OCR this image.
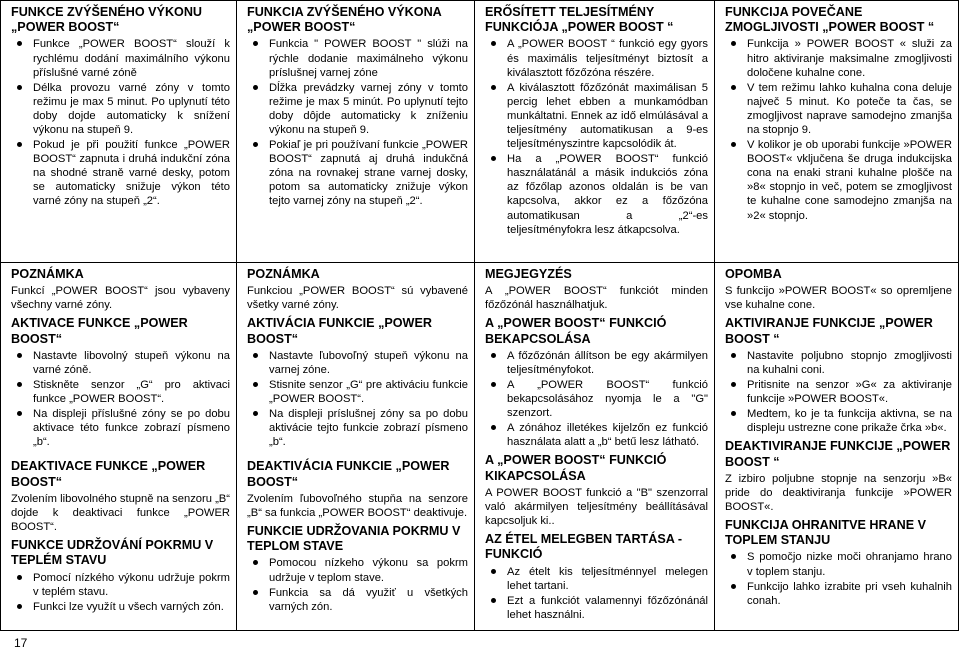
FUNKCE ZVÝŠENÉHO VÝKONU „POWER BOOST“
Funkce „POWER BOOST“ slouží k rychlému dodání maximálního výkonu příslušné varné zóně
Délka provozu varné zóny v tomto režimu je max 5 minut. Po uplynutí této doby dojde automaticky k snížení výkonu na stupeň 9.
Pokud je při použití funkce „POWER BOOST“ zapnuta i druhá indukční zóna na shodné straně varné desky, potom se automaticky snižuje výkon této varné zóny na stupeň „2“.
FUNKCIA ZVÝŠENÉHO VÝKONA „POWER BOOST“
Funkcia " POWER BOOST " slúži na rýchle dodanie maximálneho výkonu príslušnej varnej zóne
Dĺžka prevádzky varnej zóny v tomto režime je max 5 minút. Po uplynutí tejto doby dôjde automaticky k zníženiu výkonu na stupeň 9.
Pokiaľ je pri používaní funkcie „POWER BOOST“ zapnutá aj druhá indukčná zóna na rovnakej strane varnej dosky, potom sa automaticky znižuje výkon tejto varnej zóny na stupeň „2“.
ERŐSÍTETT TELJESÍTMÉNY FUNKCIÓJA „POWER BOOST “
A „POWER BOOST “ funkció egy gyors és maximális teljesítményt biztosít a kiválasztott főzőzóna részére.
A kiválasztott főzőzónát maximálisan 5 percig lehet ebben a munkamódban munkáltatni. Ennek az idő elmúlásával a teljesítmény automatikusan a 9-es teljesítményszintre kapcsolódik át.
Ha a „POWER BOOST“ funkció használatánál a másik indukciós zóna az főzőlap azonos oldalán is be van kapcsolva, akkor ez a főzőzóna automatikusan a „2“-es teljesítményfokra lesz átkapcsolva.
FUNKCIJA POVEČANE ZMOGLJIVOSTI „POWER BOOST “
Funkcija » POWER BOOST « služi za hitro aktiviranje maksimalne zmogljivosti določene kuhalne cone.
V tem režimu lahko kuhalna cona deluje največ 5 minut. Ko poteče ta čas, se zmogljivost naprave samodejno zmanjša na stopnjo 9.
V kolikor je ob uporabi funkcije »POWER BOOST« vključena še druga indukcijska cona na enaki strani kuhalne plošče na »8« stopnjo in več, potem se zmogljivost te kuhalne cone samodejno zmanjša na »2« stopnjo.
POZNÁMKA

Funkcí „POWER BOOST“ jsou vybaveny všechny varné zóny.

AKTIVACE FUNKCE „POWER BOOST“
Nastavte libovolný stupeň výkonu na varné zóně.
Stiskněte senzor „G“ pro aktivaci funkce „POWER BOOST“.
Na displeji příslušné zóny se po dobu aktivace této funkce zobrazí písmeno „b“.
DEAKTIVACE FUNKCE „POWER BOOST“

Zvolením libovolného stupně na senzoru „B“ dojde k deaktivaci funkce „POWER BOOST“.

FUNKCE UDRŽOVÁNÍ POKRMU V TEPLÉM STAVU
Pomocí nízkého výkonu udržuje pokrm v teplém stavu.
Funkci lze využít u všech varných zón.
POZNÁMKA

Funkciou „POWER BOOST“ sú vybavené všetky varné zóny.

AKTIVÁCIA FUNKCIE „POWER BOOST“
Nastavte ľubovoľný stupeň výkonu na varnej zóne.
Stisnite senzor „G“ pre aktiváciu funkcie „POWER BOOST“.
Na displeji príslušnej zóny sa po dobu aktivácie tejto funkcie zobrazí písmeno „b“.
DEAKTIVÁCIA FUNKCIE „POWER BOOST“

Zvolením ľubovoľného stupňa na senzore „B“ sa funkcia „POWER BOOST“ deaktivuje.

FUNKCIE UDRŽOVANIA POKRMU V TEPLOM STAVE
Pomocou nízkeho výkonu sa pokrm udržuje v teplom stave.
Funkcia sa dá využiť u všetkých varných zón.
MEGJEGYZÉS

A „POWER BOOST“ funkciót minden főzőzónál használhatjuk.

A „POWER BOOST“ FUNKCIÓ BEKAPCSOLÁSA
A főzőzónán állítson be egy akármilyen teljesítményfokot.
A „POWER BOOST“ funkció bekapcsolásához nyomja le a "G" szenzort.
A zónához illetékes kijelzőn ez funkció használata alatt a „b“ betű lesz látható.
A „POWER BOOST“ FUNKCIÓ KIKAPCSOLÁSA

A POWER BOOST funkció a "B" szenzorral való akármilyen teljesítmény beállításával kapcsoljuk ki..

AZ ÉTEL MELEGBEN TARTÁSA - FUNKCIÓ
Az ételt kis teljesítménnyel melegen lehet tartani.
Ezt a funkciót valamennyi főzőzónánál lehet használni.
OPOMBA

S funkcijo »POWER BOOST« so opremljene vse kuhalne cone.

AKTIVIRANJE FUNKCIJE „POWER BOOST “
Nastavite poljubno stopnjo zmogljivosti na kuhalni coni.
Pritisnite na senzor »G« za aktiviranje funkcije »POWER BOOST«.
Medtem, ko je ta funkcija aktivna, se na displeju ustrezne cone prikaže črka »b«.
DEAKTIVIRANJE FUNKCIJE „POWER BOOST “

Z izbiro poljubne stopnje na senzorju »B« pride do deaktiviranja funkcije »POWER BOOST«.

FUNKCIJA OHRANITVE HRANE V TOPLEM STANJU
S pomočjo nizke moči ohranjamo hrano v toplem stanju.
Funkcijo lahko izrabite pri vseh kuhalnih conah.
17
